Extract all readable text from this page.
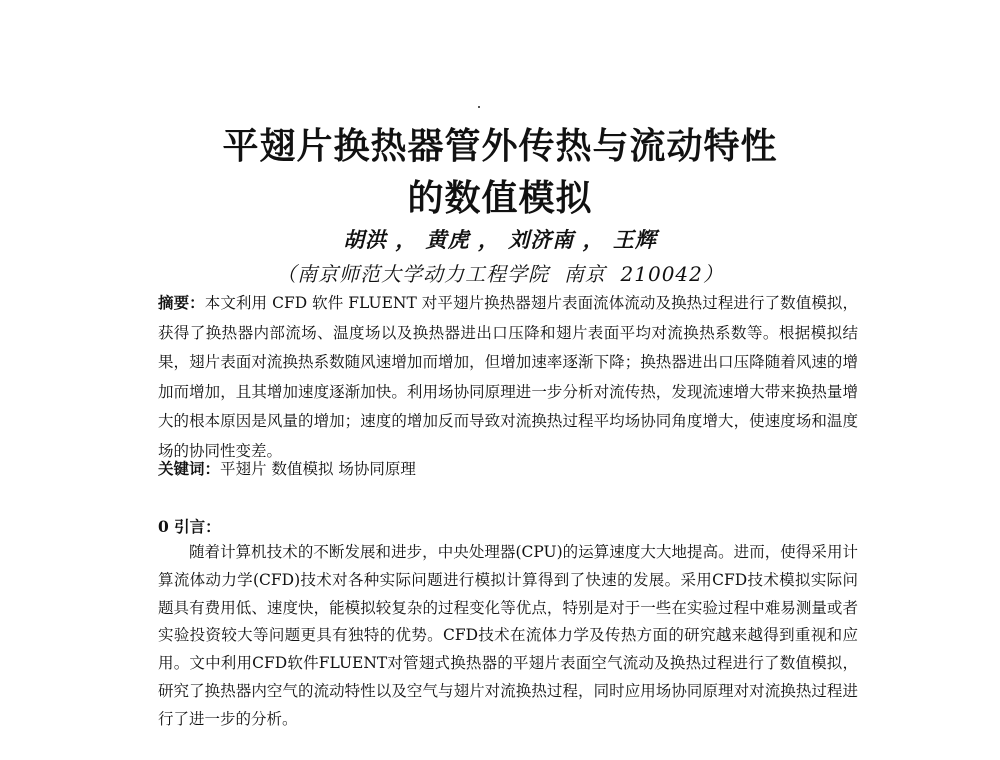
平翅片换热器管外传热与流动特性
的数值模拟
胡洪 ， 黄虎 ， 刘济南 ， 王辉
（南京师范大学动力工程学院  南京  210042）
摘要：本文利用 CFD 软件 FLUENT 对平翅片换热器翅片表面流体流动及换热过程进行了数值模拟，获得了换热器内部流场、温度场以及换热器进出口压降和翅片表面平均对流换热系数等。根据模拟结果，翅片表面对流换热系数随风速增加而增加，但增加速率逐渐下降；换热器进出口压降随着风速的增加而增加，且其增加速度逐渐加快。利用场协同原理进一步分析对流传热，发现流速增大带来换热量增大的根本原因是风量的增加；速度的增加反而导致对流换热过程平均场协同角度增大，使速度场和温度场的协同性变差。
关键词：平翅片 数值模拟 场协同原理
0 引言：
随着计算机技术的不断发展和进步，中央处理器(CPU)的运算速度大大地提高。进而，使得采用计算流体动力学(CFD)技术对各种实际问题进行模拟计算得到了快速的发展。采用CFD技术模拟实际问题具有费用低、速度快，能模拟较复杂的过程变化等优点，特别是对于一些在实验过程中难易测量或者实验投资较大等问题更具有独特的优势。CFD技术在流体力学及传热方面的研究越来越得到重视和应用。文中利用CFD软件FLUENT对管翅式换热器的平翅片表面空气流动及换热过程进行了数值模拟，研究了换热器内空气的流动特性以及空气与翅片对流换热过程，同时应用场协同原理对对流换热过程进行了进一步的分析。
